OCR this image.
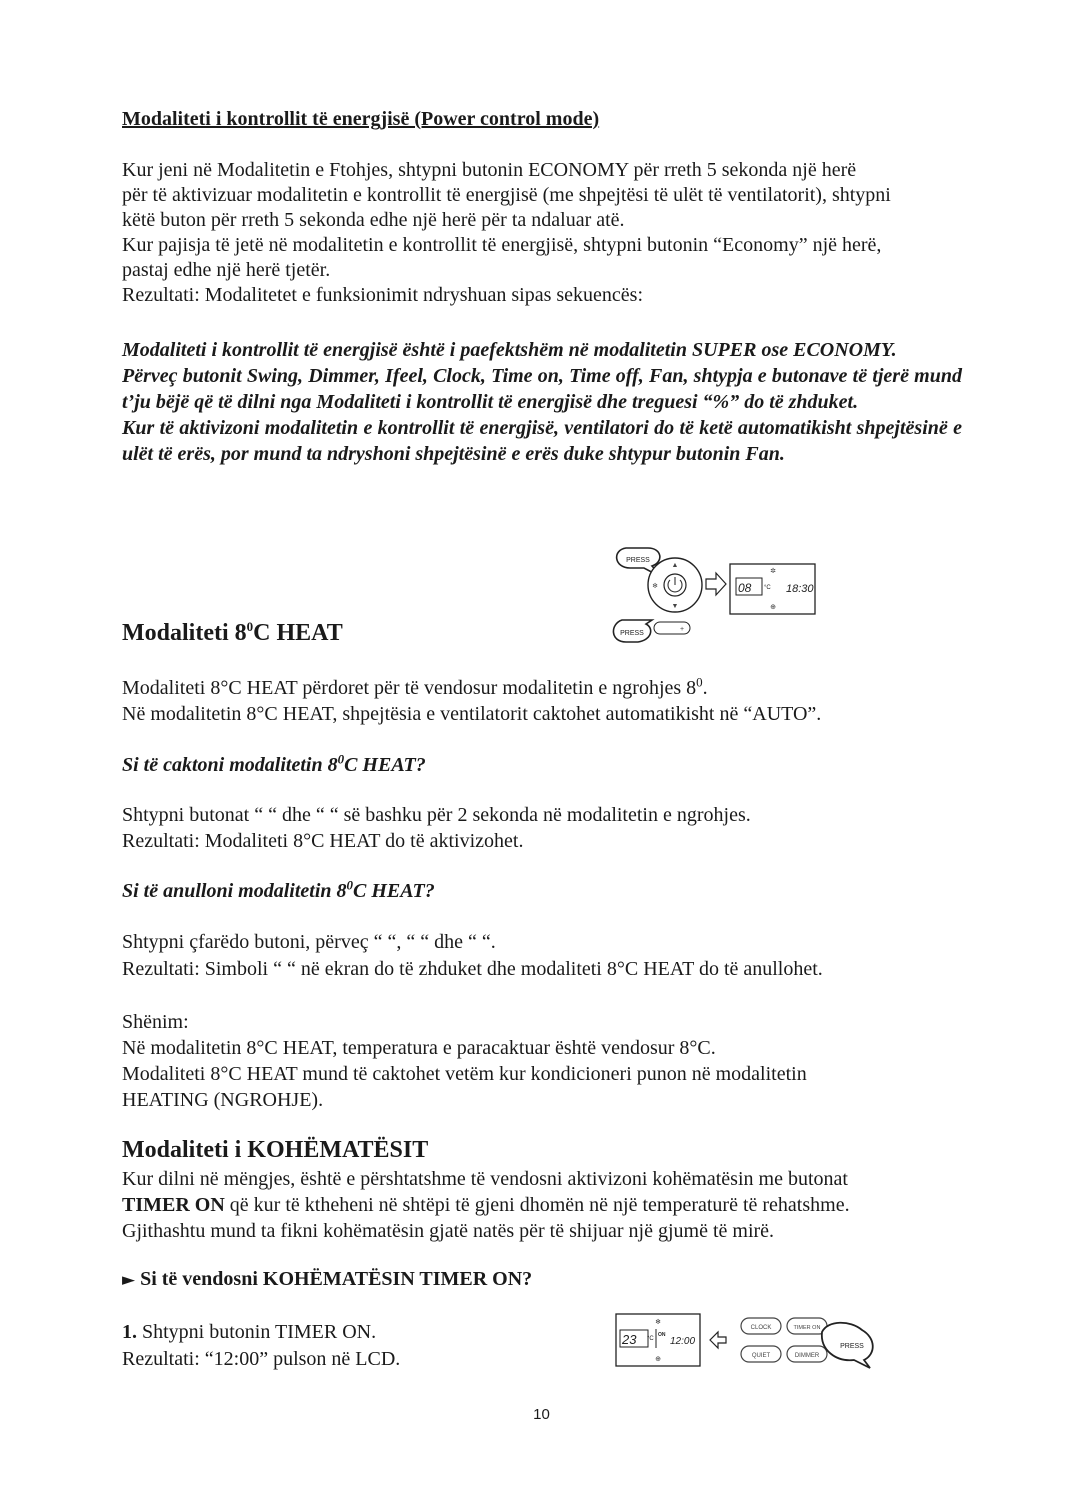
Modaliteti i kontrollit të energjisë (Power control mode)

Kur jeni në Modalitetin e Ftohjes, shtypni butonin ECONOMY për rreth 5 sekonda një herë

për të aktivizuar modalitetin e kontrollit të energjisë (me shpejtësi të ulët të ventilatorit), shtypni

këtë buton për rreth 5 sekonda edhe një herë për ta ndaluar atë.

Kur pajisja të jetë në modalitetin e kontrollit të energjisë, shtypni butonin “Economy” një herë,

pastaj edhe një herë tjetër.

Rezultati: Modalitetet e funksionimit ndryshuan sipas sekuencës:

Modaliteti i kontrollit të energjisë është i paefektshëm në modalitetin SUPER ose ECONOMY.

Përveç butonit Swing, Dimmer, Ifeel, Clock, Time on, Time off, Fan, shtypja e butonave të tjerë mund t’ju bëjë që të dilni nga Modaliteti i kontrollit të energjisë dhe treguesi “%” do të zhduket.

Kur të aktivizoni modalitetin e kontrollit të energjisë, ventilatori do të ketë automatikisht shpejtësinë e ulët të erës, por mund ta ndryshoni shpejtësinë e erës duke shtypur butonin Fan.

Modaliteti $8^0C$ HEAT

Modaliteti 8°C HEAT përdoret për të vendosur modalitetin e ngrohjes $8^0$.

Në modalitetin 8°C HEAT, shpejtësia e ventilatorit caktohet automatikisht në “AUTO”.

Si të caktoni modalitetin $8^0C$ HEAT?

Shtypni butonat “ “ dhe “ “ së bashku për 2 sekonda në modalitetin e ngrohjes.

Rezultati: Modaliteti 8°C HEAT do të aktivizohet.

Si të anulloni modalitetin $8^0C$ HEAT?

Shtypni çfarëdo butoni, përveç “ “, “ “ dhe “ “.

Rezultati: Simboli “ “ në ekran do të zhduket dhe modaliteti 8°C HEAT do të anullohet.

Shënim:

Në modalitetin 8°C HEAT, temperatura e paracaktuar është vendosur 8°C.

Modaliteti 8°C HEAT mund të caktohet vetëm kur kondicioneri punon në modalitetin

HEATING (NGROHJE).

Modaliteti i KOHËMATËSIT

Kur dilni në mëngjes, është e përshtatshme të vendosni aktivizoni kohëmatësin me butonat

TIMER ON që kur të ktheheni në shtëpi të gjeni dhomën në një temperaturë të rehatshme.

Gjithashtu mund ta fikni kohëmatësin gjatë natës për të shijuar një gjumë të mirë.

► Si të vendosni KOHËMATËSIN TIMER ON?

1. Shtypni butonin TIMER ON.

Rezultati: “12:00” pulson në LCD.

PRESS
▲
▼
❄
✲
08 °C 18:30
⊕
PRESS
+
❄
23 °C
ON
12:00
⊕
CLOCK	TIMER ON
QUIET	DIMMER
PRESS
10
